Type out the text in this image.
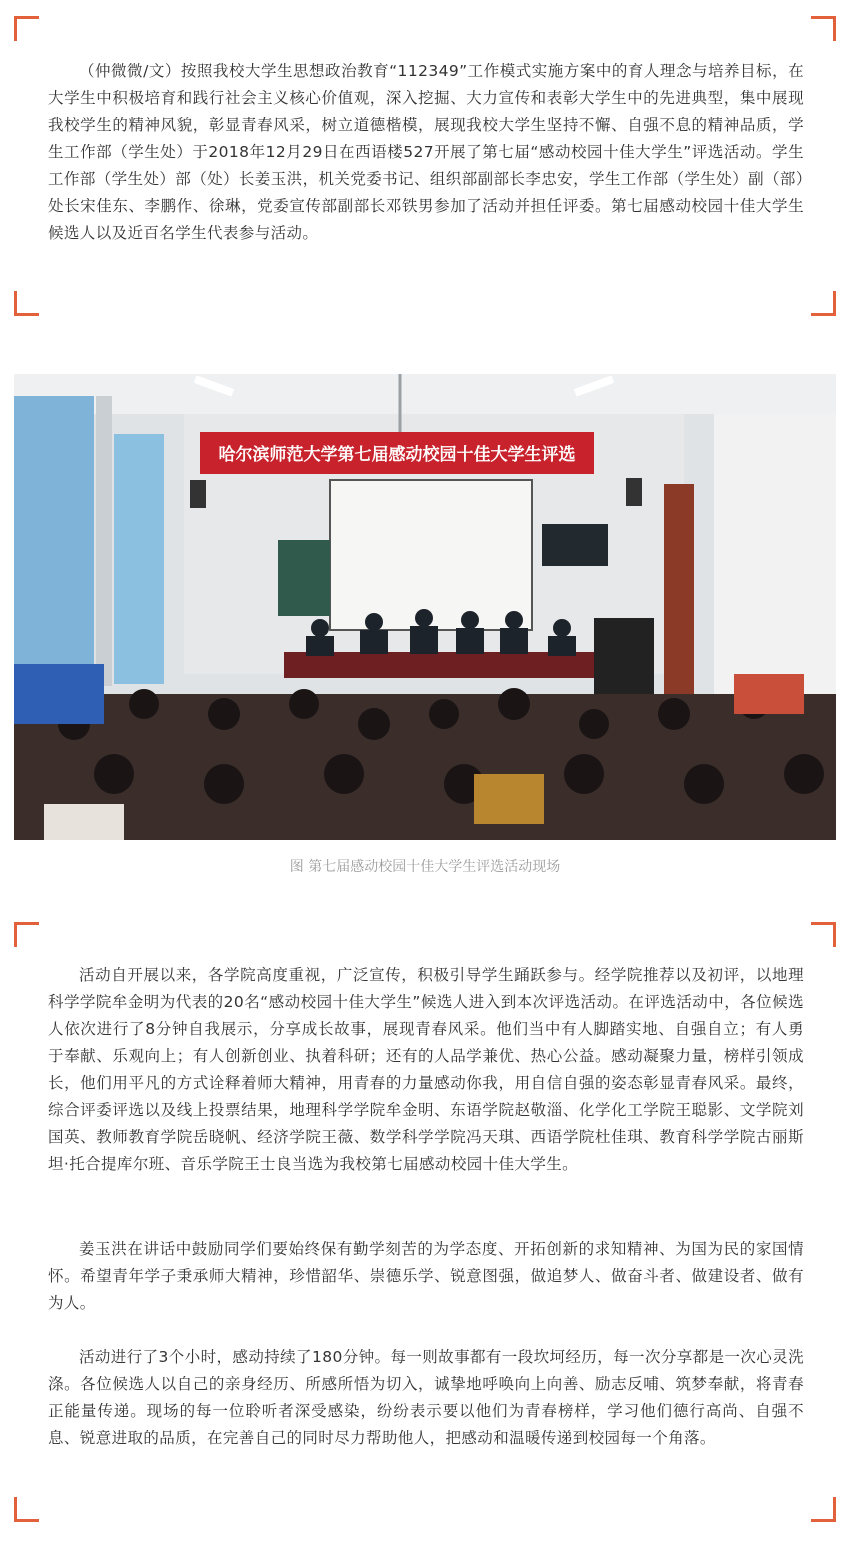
（仲微微/文）按照我校大学生思想政治教育“112349”工作模式实施方案中的育人理念与培养目标，在大学生中积极培育和践行社会主义核心价值观，深入挖掘、大力宣传和表彰大学生中的先进典型，集中展现我校学生的精神风貌，彰显青春风采，树立道德楷模，展现我校大学生坚持不懈、自强不息的精神品质，学生工作部（学生处）于2018年12月29日在西语楼527开展了第七届“感动校园十佳大学生”评选活动。学生工作部（学生处）部（处）长姜玉洪，机关党委书记、组织部副部长李忠安，学生工作部（学生处）副（部）处长宋佳东、李鹏作、徐琳，党委宣传部副部长邓铁男参加了活动并担任评委。第七届感动校园十佳大学生候选人以及近百名学生代表参与活动。

哈尔滨师范大学第七届感动校园十佳大学生评选
图 第七届感动校园十佳大学生评选活动现场

活动自开展以来，各学院高度重视，广泛宣传，积极引导学生踊跃参与。经学院推荐以及初评，以地理科学学院牟金明为代表的20名“感动校园十佳大学生”候选人进入到本次评选活动。在评选活动中，各位候选人依次进行了8分钟自我展示，分享成长故事，展现青春风采。他们当中有人脚踏实地、自强自立；有人勇于奉献、乐观向上；有人创新创业、执着科研；还有的人品学兼优、热心公益。感动凝聚力量，榜样引领成长，他们用平凡的方式诠释着师大精神，用青春的力量感动你我，用自信自强的姿态彰显青春风采。最终，综合评委评选以及线上投票结果，地理科学学院牟金明、东语学院赵敬淄、化学化工学院王聪影、文学院刘国英、教师教育学院岳晓帆、经济学院王薇、数学科学学院冯天琪、西语学院杜佳琪、教育科学学院古丽斯坦·托合提库尔班、音乐学院王士良当选为我校第七届感动校园十佳大学生。

姜玉洪在讲话中鼓励同学们要始终保有勤学刻苦的为学态度、开拓创新的求知精神、为国为民的家国情怀。希望青年学子秉承师大精神，珍惜韶华、崇德乐学、锐意图强，做追梦人、做奋斗者、做建设者、做有为人。

活动进行了3个小时，感动持续了180分钟。每一则故事都有一段坎坷经历，每一次分享都是一次心灵洗涤。各位候选人以自己的亲身经历、所感所悟为切入，诚挚地呼唤向上向善、励志反哺、筑梦奉献，将青春正能量传递。现场的每一位聆听者深受感染，纷纷表示要以他们为青春榜样，学习他们德行高尚、自强不息、锐意进取的品质，在完善自己的同时尽力帮助他人，把感动和温暖传递到校园每一个角落。
